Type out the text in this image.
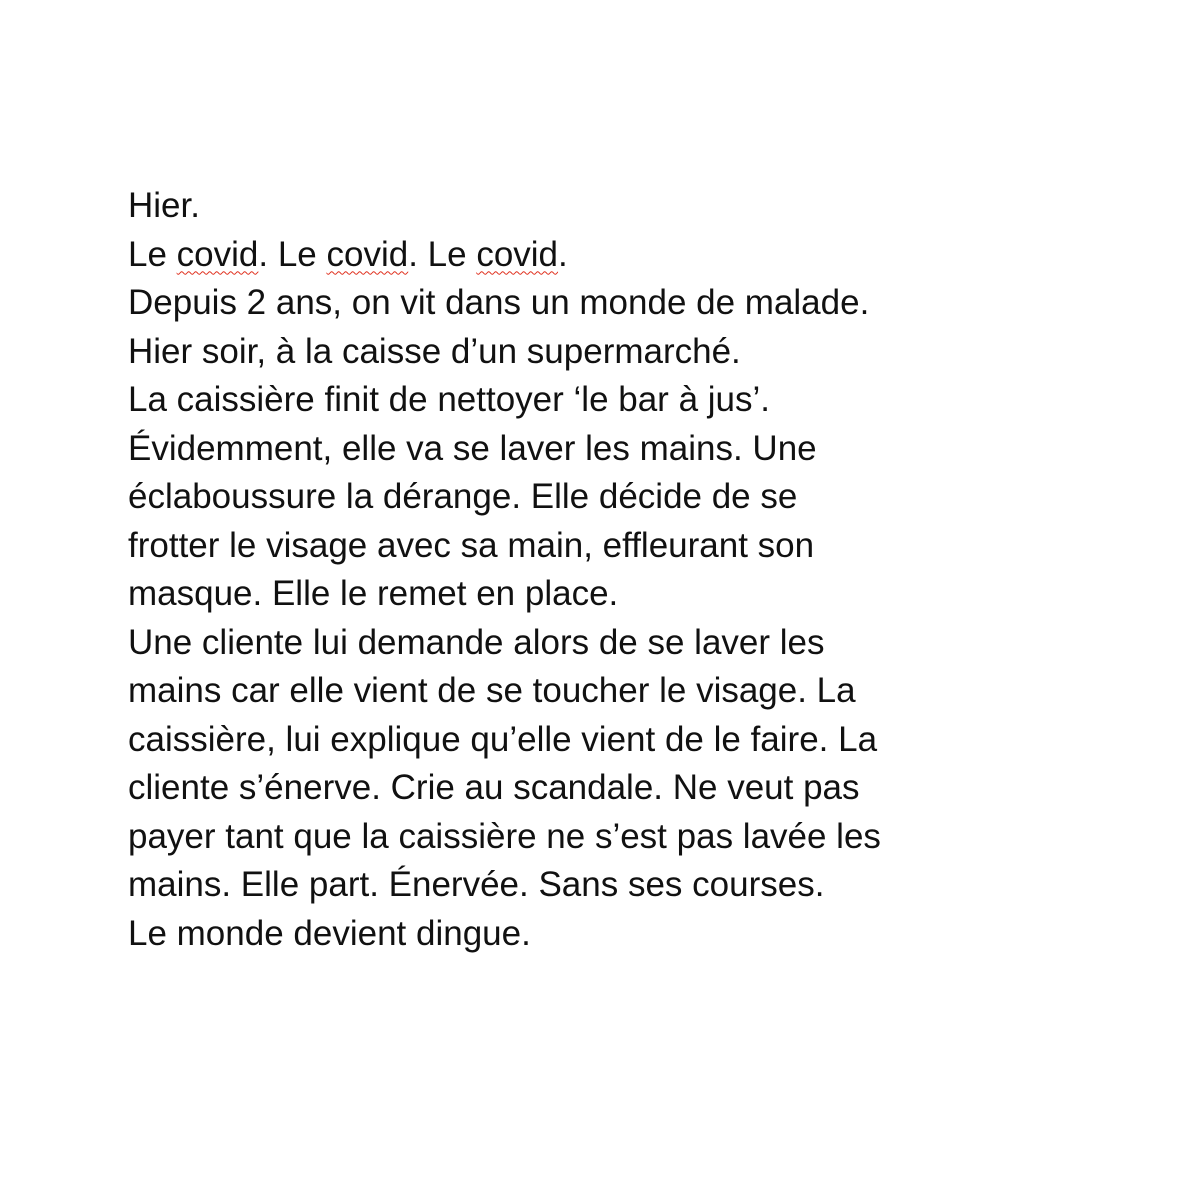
Hier.
Le covid. Le covid. Le covid.
Depuis 2 ans, on vit dans un monde de malade.
Hier soir, à la caisse d’un supermarché.
La caissière finit de nettoyer ‘le bar à jus’.
Évidemment, elle va se laver les mains. Une
éclaboussure la dérange. Elle décide de se
frotter le visage avec sa main, effleurant son
masque. Elle le remet en place.
Une cliente lui demande alors de se laver les
mains car elle vient de se toucher le visage. La
caissière, lui explique qu’elle vient de le faire. La
cliente s’énerve. Crie au scandale. Ne veut pas
payer tant que la caissière ne s’est pas lavée les
mains. Elle part. Énervée. Sans ses courses.
Le monde devient dingue.
